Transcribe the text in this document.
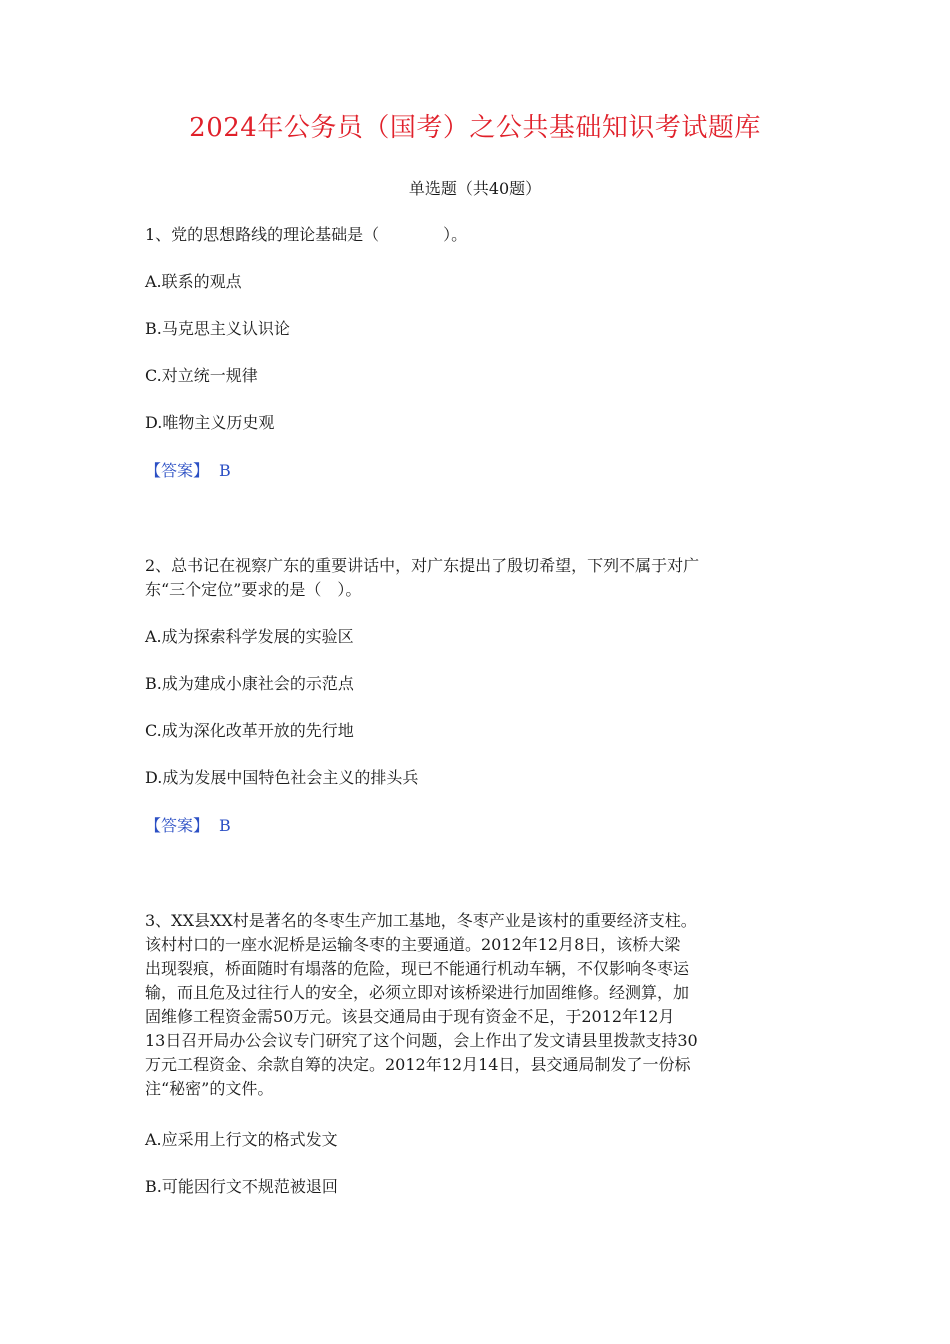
2024年公务员（国考）之公共基础知识考试题库
单选题（共40题）
1、党的思想路线的理论基础是（　　　　）。
A.联系的观点
B.马克思主义认识论
C.对立统一规律
D.唯物主义历史观
【答案】 B
2、总书记在视察广东的重要讲话中，对广东提出了殷切希望，下列不属于对广
东“三个定位”要求的是（　）。
A.成为探索科学发展的实验区
B.成为建成小康社会的示范点
C.成为深化改革开放的先行地
D.成为发展中国特色社会主义的排头兵
【答案】 B
3、XX县XX村是著名的冬枣生产加工基地，冬枣产业是该村的重要经济支柱。
该村村口的一座水泥桥是运输冬枣的主要通道。2012年12月8日，该桥大梁
出现裂痕，桥面随时有塌落的危险，现已不能通行机动车辆，不仅影响冬枣运
输，而且危及过往行人的安全，必须立即对该桥梁进行加固维修。经测算，加
固维修工程资金需50万元。该县交通局由于现有资金不足，于2012年12月
13日召开局办公会议专门研究了这个问题，会上作出了发文请县里拨款支持30
万元工程资金、余款自筹的决定。2012年12月14日，县交通局制发了一份标
注“秘密”的文件。
A.应采用上行文的格式发文
B.可能因行文不规范被退回
